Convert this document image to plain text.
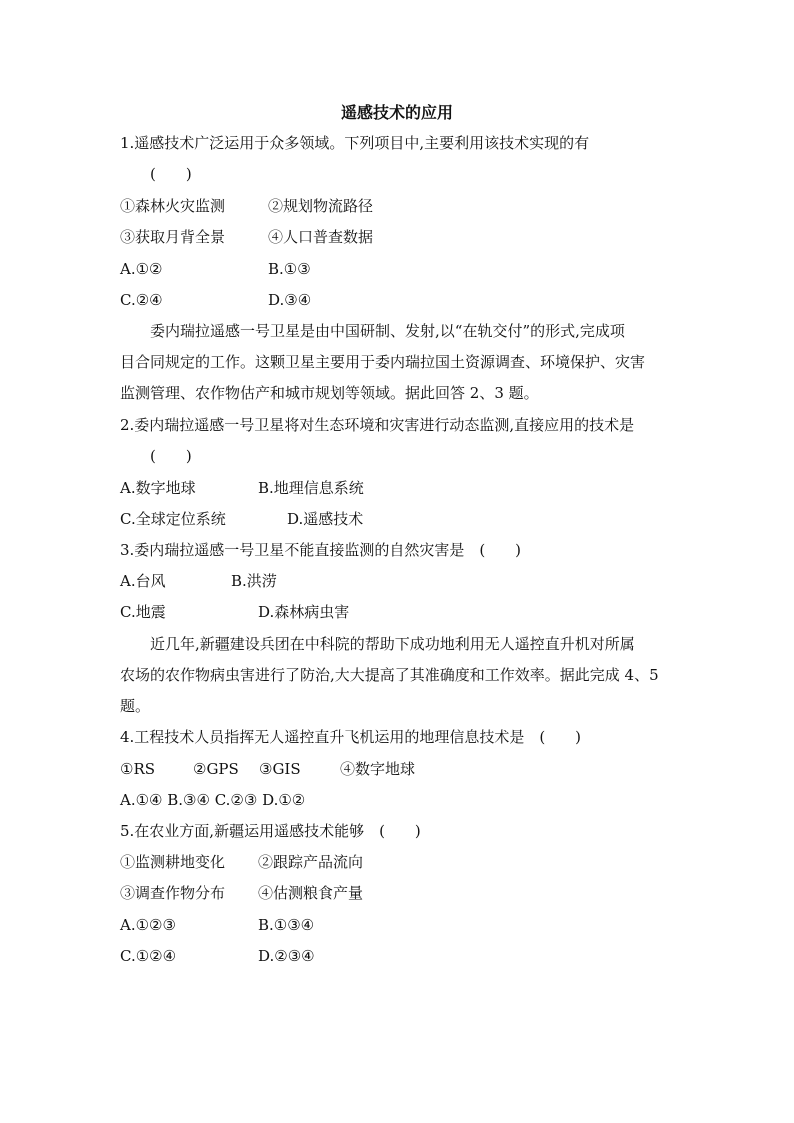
遥感技术的应用
1.遥感技术广泛运用于众多领域。下列项目中,主要利用该技术实现的有
(　　)
①森林火灾监测	②规划物流路径
③获取月背全景	④人口普查数据
A.①②	B.①③
C.②④	D.③④
委内瑞拉遥感一号卫星是由中国研制、发射,以“在轨交付”的形式,完成项
目合同规定的工作。这颗卫星主要用于委内瑞拉国土资源调查、环境保护、灾害
监测管理、农作物估产和城市规划等领域。据此回答 2、3 题。
2.委内瑞拉遥感一号卫星将对生态环境和灾害进行动态监测,直接应用的技术是
(　　)
A.数字地球	B.地理信息系统
C.全球定位系统	D.遥感技术
3.委内瑞拉遥感一号卫星不能直接监测的自然灾害是　(　　)
A.台风	B.洪涝
C.地震	D.森林病虫害
近几年,新疆建设兵团在中科院的帮助下成功地利用无人遥控直升机对所属
农场的农作物病虫害进行了防治,大大提高了其准确度和工作效率。据此完成 4、5
题。
4.工程技术人员指挥无人遥控直升飞机运用的地理信息技术是　(　　)
①RS	②GPS ③GIS	④数字地球
A.①④ B.③④ C.②③ D.①②
5.在农业方面,新疆运用遥感技术能够　(　　)
①监测耕地变化 ②跟踪产品流向
③调查作物分布 ④估测粮食产量
A.①②③	B.①③④
C.①②④	D.②③④
